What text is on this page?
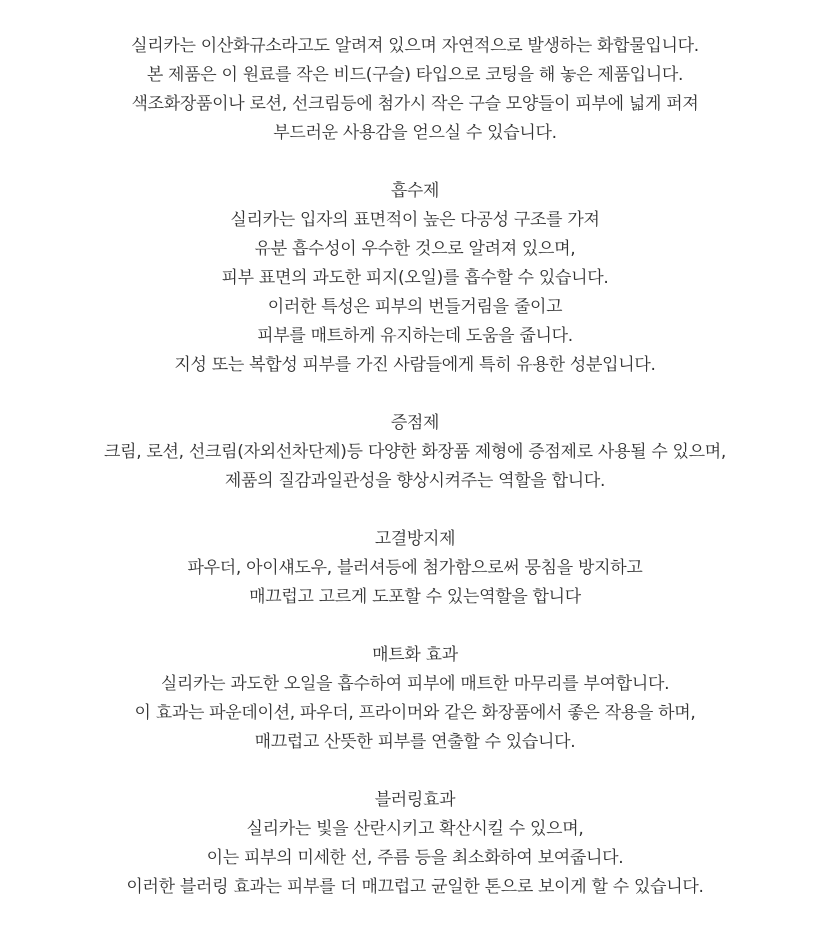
실리카는 이산화규소라고도 알려져 있으며 자연적으로 발생하는 화합물입니다.
본 제품은 이 원료를 작은 비드(구슬) 타입으로 코팅을 해 놓은 제품입니다.
색조화장품이나 로션, 선크림등에 첨가시 작은 구슬 모양들이 피부에 넓게 퍼져
부드러운 사용감을 얻으실 수 있습니다.
흡수제
실리카는 입자의 표면적이 높은 다공성 구조를 가져
유분 흡수성이 우수한 것으로 알려져 있으며,
피부 표면의 과도한 피지(오일)를 흡수할 수 있습니다.
이러한 특성은 피부의 번들거림을 줄이고
피부를 매트하게 유지하는데 도움을 줍니다.
지성 또는 복합성 피부를 가진 사람들에게 특히 유용한 성분입니다.
증점제
크림, 로션, 선크림(자외선차단제)등 다양한 화장품 제형에 증점제로 사용될 수 있으며,
제품의 질감과일관성을 향상시켜주는 역할을 합니다.
고결방지제
파우더, 아이섀도우, 블러셔등에 첨가함으로써 뭉침을 방지하고
매끄럽고 고르게 도포할 수 있는역할을 합니다
매트화 효과
실리카는 과도한 오일을 흡수하여 피부에 매트한 마무리를 부여합니다.
이 효과는 파운데이션, 파우더, 프라이머와 같은 화장품에서 좋은 작용을 하며,
매끄럽고 산뜻한 피부를 연출할 수 있습니다.
블러링효과
실리카는 빛을 산란시키고 확산시킬 수 있으며,
이는 피부의 미세한 선, 주름 등을 최소화하여 보여줍니다.
이러한 블러링 효과는 피부를 더 매끄럽고 균일한 톤으로 보이게 할 수 있습니다.
